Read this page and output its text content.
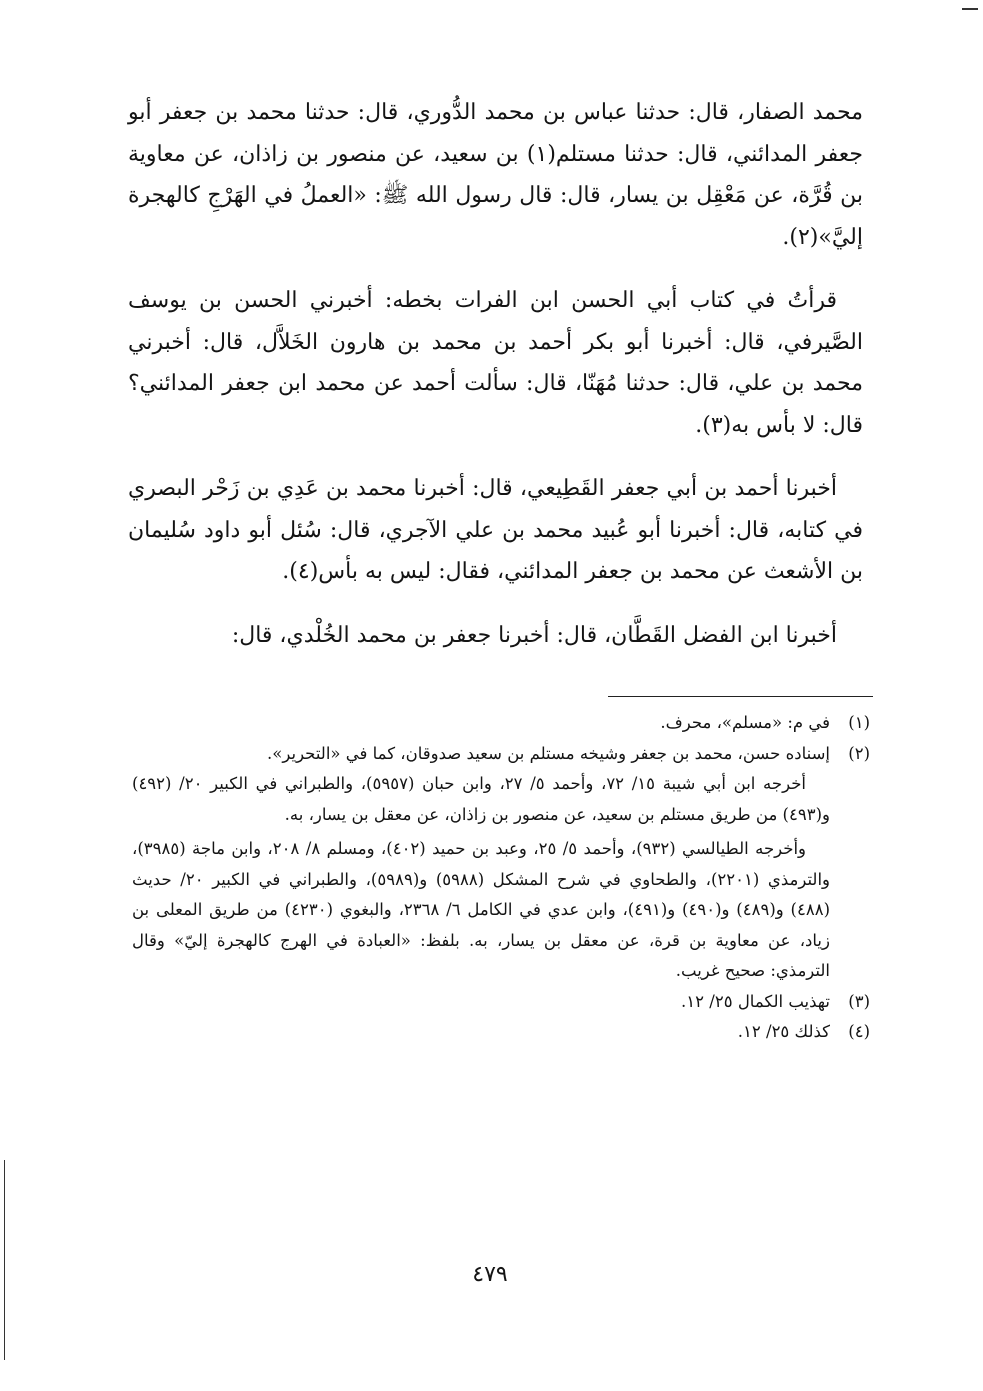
محمد الصفار، قال: حدثنا عباس بن محمد الدُّوري، قال: حدثنا محمد بن جعفر أبو جعفر المدائني، قال: حدثنا مستلم(١) بن سعيد، عن منصور بن زاذان، عن معاوية بن قُرَّة، عن مَعْقِل بن يسار، قال: قال رسول الله ﷺ: «العملُ في الهَرْجِ كالهجرة إليَّ»(٢).

قرأتُ في كتاب أبي الحسن ابن الفرات بخطه: أخبرني الحسن بن يوسف الصَّيرفي، قال: أخبرنا أبو بكر أحمد بن محمد بن هارون الخَلاَّل، قال: أخبرني محمد بن علي، قال: حدثنا مُهَنّا، قال: سألت أحمد عن محمد ابن جعفر المدائني؟ قال: لا بأس به(٣).

أخبرنا أحمد بن أبي جعفر القَطِيعي، قال: أخبرنا محمد بن عَدِي بن زَحْر البصري في كتابه، قال: أخبرنا أبو عُبيد محمد بن علي الآجري، قال: سُئل أبو داود سُليمان بن الأشعث عن محمد بن جعفر المدائني، فقال: ليس به بأس(٤).

أخبرنا ابن الفضل القَطَّان، قال: أخبرنا جعفر بن محمد الخُلْدي، قال:

(١)
في م: «مسلم»، محرف.
(٢)
إسناده حسن، محمد بن جعفر وشيخه مستلم بن سعيد صدوقان، كما في «التحرير».
أخرجه ابن أبي شيبة ١٥/ ٧٢، وأحمد ٥/ ٢٧، وابن حبان (٥٩٥٧)، والطبراني في الكبير ٢٠/ (٤٩٢) و(٤٩٣) من طريق مستلم بن سعيد، عن منصور بن زاذان، عن معقل بن يسار، به.
وأخرجه الطيالسي (٩٣٢)، وأحمد ٥/ ٢٥، وعبد بن حميد (٤٠٢)، ومسلم ٨/ ٢٠٨، وابن ماجة (٣٩٨٥)، والترمذي (٢٢٠١)، والطحاوي في شرح المشكل (٥٩٨٨) و(٥٩٨٩)، والطبراني في الكبير ٢٠/ حديث (٤٨٨) و(٤٨٩) و(٤٩٠) و(٤٩١)، وابن عدي في الكامل ٦/ ٢٣٦٨، والبغوي (٤٢٣٠) من طريق المعلى بن زياد، عن معاوية بن قرة، عن معقل بن يسار، به. بلفظ: «العبادة في الهرج كالهجرة إليّ» وقال الترمذي: صحيح غريب.
(٣)
تهذيب الكمال ٢٥/ ١٢.
(٤)
كذلك ٢٥/ ١٢.
٤٧٩
